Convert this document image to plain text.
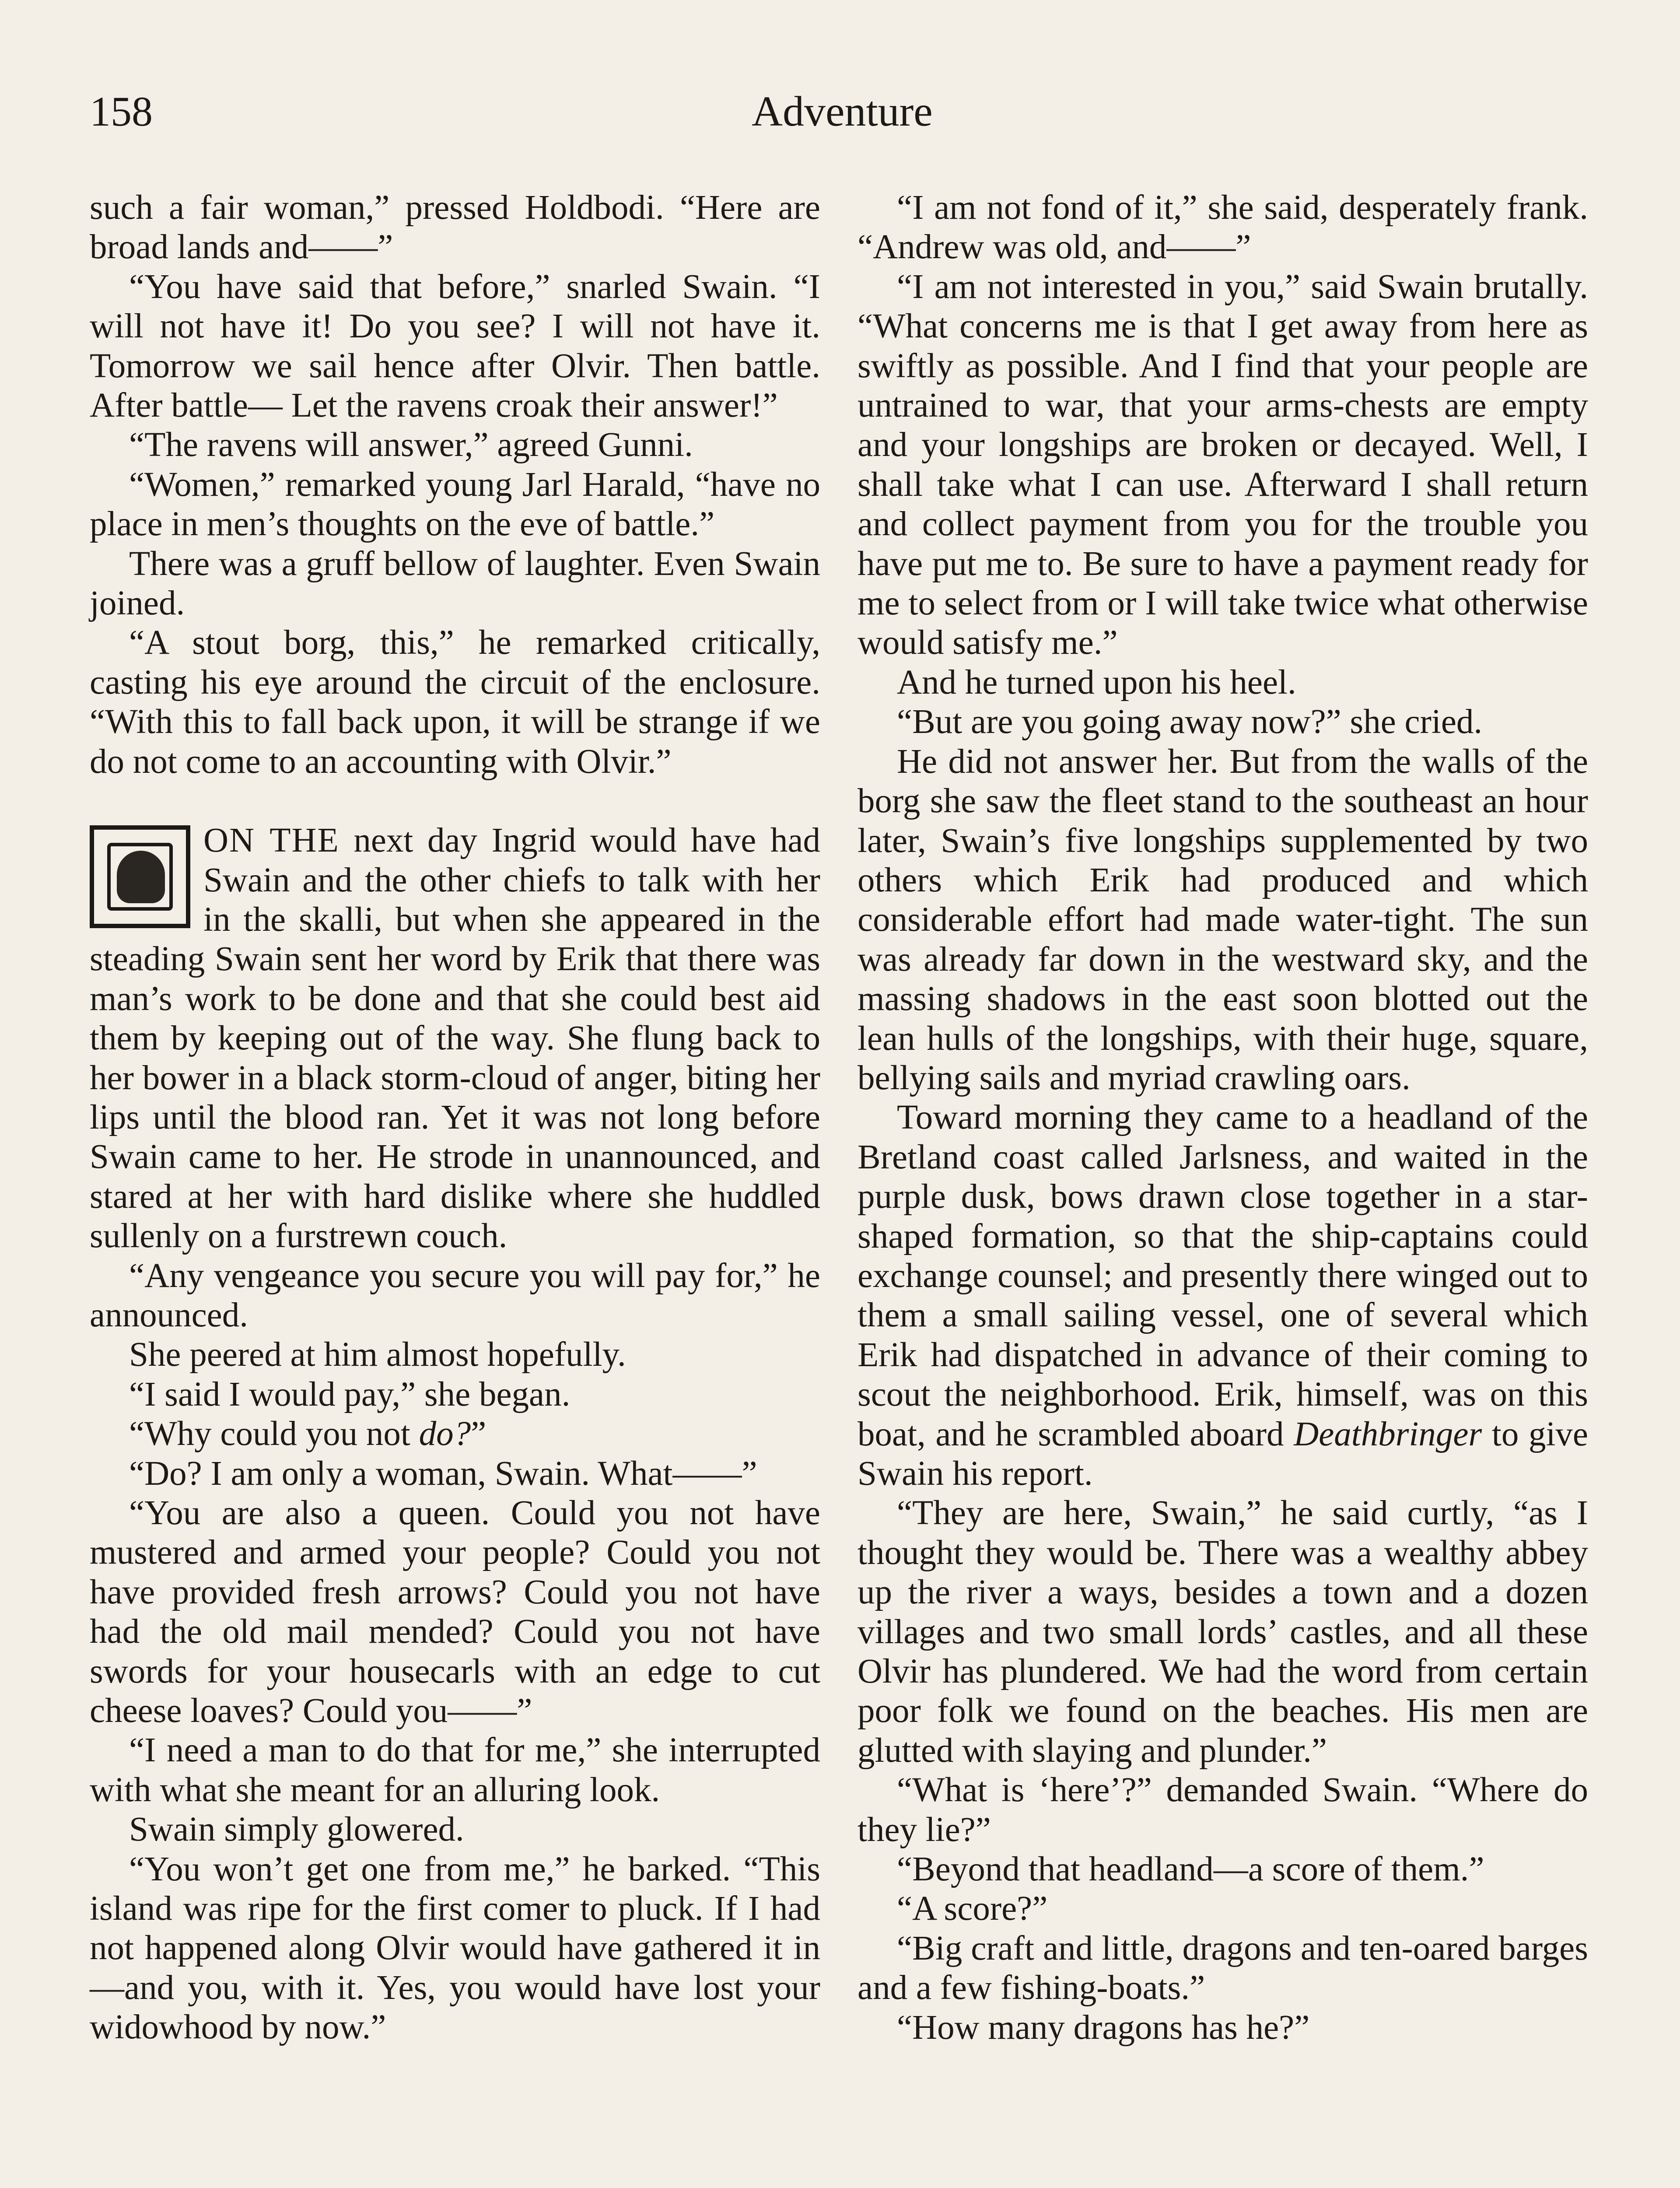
158	Adventure

such a fair woman,” pressed Holdbodi. “Here are broad lands and——”

“You have said that before,” snarled Swain. “I will not have it! Do you see? I will not have it. Tomorrow we sail hence after Olvir. Then battle. After battle— Let the ravens croak their answer!”

“The ravens will answer,” agreed Gunni.

“Women,” remarked young Jarl Harald, “have no place in men’s thoughts on the eve of battle.”

There was a gruff bellow of laughter. Even Swain joined.

“A stout borg, this,” he remarked critically, casting his eye around the circuit of the enclosure. “With this to fall back upon, it will be strange if we do not come to an accounting with Olvir.”

ON THE next day Ingrid would have had Swain and the other chiefs to talk with her in the skalli, but when she appeared in the steading Swain sent her word by Erik that there was man’s work to be done and that she could best aid them by keeping out of the way. She flung back to her bower in a black storm-cloud of anger, biting her lips until the blood ran. Yet it was not long before Swain came to her. He strode in unannounced, and stared at her with hard dislike where she huddled sullenly on a furstrewn couch.

“Any vengeance you secure you will pay for,” he announced.

She peered at him almost hopefully.

“I said I would pay,” she began.

“Why could you not do?”

“Do? I am only a woman, Swain. What——”

“You are also a queen. Could you not have mustered and armed your people? Could you not have provided fresh arrows? Could you not have had the old mail mended? Could you not have swords for your housecarls with an edge to cut cheese loaves? Could you——”

“I need a man to do that for me,” she interrupted with what she meant for an alluring look.

Swain simply glowered.

“You won’t get one from me,” he barked. “This island was ripe for the first comer to pluck. If I had not happened along Olvir would have gathered it in—and you, with it. Yes, you would have lost your widowhood by now.”

“I am not fond of it,” she said, desperately frank. “Andrew was old, and——”

“I am not interested in you,” said Swain brutally. “What concerns me is that I get away from here as swiftly as possible. And I find that your people are untrained to war, that your arms-chests are empty and your longships are broken or decayed. Well, I shall take what I can use. Afterward I shall return and collect payment from you for the trouble you have put me to. Be sure to have a payment ready for me to select from or I will take twice what otherwise would satisfy me.”

And he turned upon his heel.

“But are you going away now?” she cried.

He did not answer her. But from the walls of the borg she saw the fleet stand to the southeast an hour later, Swain’s five longships supplemented by two others which Erik had produced and which considerable effort had made water-tight. The sun was already far down in the westward sky, and the massing shadows in the east soon blotted out the lean hulls of the longships, with their huge, square, bellying sails and myriad crawling oars.

Toward morning they came to a headland of the Bretland coast called Jarlsness, and waited in the purple dusk, bows drawn close together in a star-shaped formation, so that the ship-captains could exchange counsel; and presently there winged out to them a small sailing vessel, one of several which Erik had dispatched in advance of their coming to scout the neighborhood. Erik, himself, was on this boat, and he scrambled aboard Deathbringer to give Swain his report.

“They are here, Swain,” he said curtly, “as I thought they would be. There was a wealthy abbey up the river a ways, besides a town and a dozen villages and two small lords’ castles, and all these Olvir has plundered. We had the word from certain poor folk we found on the beaches. His men are glutted with slaying and plunder.”

“What is ‘here’?” demanded Swain. “Where do they lie?”

“Beyond that headland—a score of them.”

“A score?”

“Big craft and little, dragons and ten-oared barges and a few fishing-boats.”

“How many dragons has he?”
